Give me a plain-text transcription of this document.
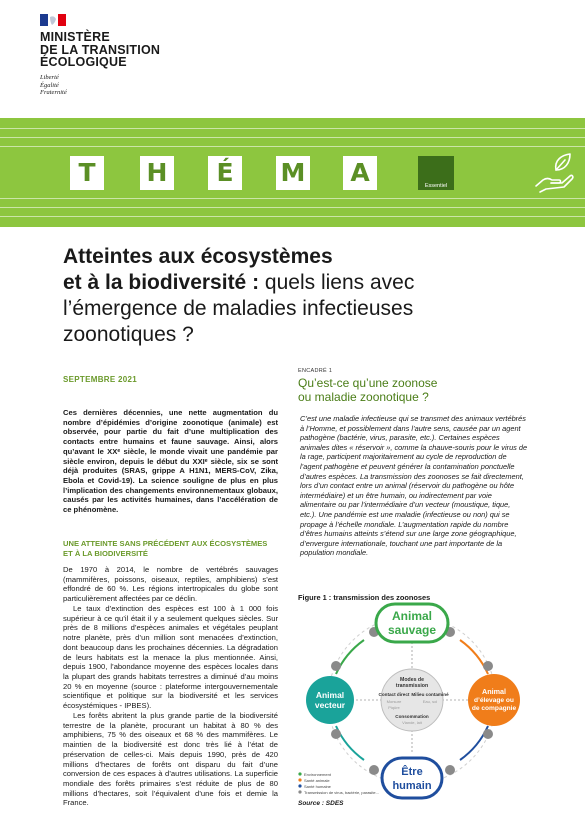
MINISTÈRE
DE LA TRANSITION
ÉCOLOGIQUE
Liberté
Égalité
Fraternité
T	H	É	M A	Essentiel
Atteintes aux écosystèmes
et à la biodiversité : quels liens avec
l’émergence de maladies infectieuses
zoonotiques ?
SEPTEMBRE 2021
Ces dernières décennies, une nette augmentation du nombre d’épidémies d’origine zoonotique (animale) est observée, pour partie du fait d’une multiplication des contacts entre humains et faune sauvage. Ainsi, alors qu’avant le XXᵉ siècle, le monde vivait une pandémie par siècle environ, depuis le début du XXIᵉ siècle, six se sont déjà produites (SRAS, grippe A H1N1, MERS-CoV, Zika, Ebola et Covid-19). La science souligne de plus en plus l’implication des changements environnementaux globaux, causés par les activités humaines, dans l’accélération de ce phénomène.
UNE ATTEINTE SANS PRÉCÉDENT AUX ÉCOSYSTÈMES ET À LA BIODIVERSITÉ
De 1970 à 2014, le nombre de vertébrés sauvages (mammifères, poissons, oiseaux, reptiles, amphibiens) s’est effondré de 60 %. Les régions intertropicales du globe sont particulièrement affectées par ce déclin.
Le taux d’extinction des espèces est 100 à 1 000 fois supérieur à ce qu’il était il y a seulement quelques siècles. Sur près de 8 millions d’espèces animales et végétales peuplant notre planète, près d’un million sont menacées d’extinction, dont beaucoup dans les prochaines décennies. La dégradation de leurs habitats est la menace la plus mentionnée. Ainsi, depuis 1900, l’abondance moyenne des espèces locales dans la plupart des grands habitats terrestres a diminué d’au moins 20 % en moyenne (source : plateforme intergouvernementale scientifique et politique sur la biodiversité et les services écosystémiques - IPBES).
Les forêts abritent la plus grande partie de la biodiversité terrestre de la planète, procurant un habitat à 80 % des amphibiens, 75 % des oiseaux et 68 % des mammifères. Le maintien de la biodiversité est donc très lié à l’état de préservation de celles-ci. Mais depuis 1990, près de 420 millions d’hectares de forêts ont disparu du fait d’une conversion de ces espaces à d’autres utilisations. La superficie mondiale des forêts primaires s’est réduite de plus de 80 millions d’hectares, soit l’équivalent d’une fois et demie la France.
ENCADRÉ 1
Qu’est-ce qu’une zoonose
ou maladie zoonotique ?
C’est une maladie infectieuse qui se transmet des animaux vertébrés à l’Homme, et possiblement dans l’autre sens, causée par un agent pathogène (bactérie, virus, parasite, etc.). Certaines espèces animales dites « réservoir », comme la chauve-souris pour le virus de la rage, participent majoritairement au cycle de reproduction de l’agent pathogène et peuvent générer la contamination ponctuelle d’autres espèces. La transmission des zoonoses se fait directement, lors d’un contact entre un animal (réservoir du pathogène ou hôte intermédiaire) et un être humain, ou indirectement par voie alimentaire ou par l’intermédiaire d’un vecteur (moustique, tique, etc.). Une pandémie est une maladie (infectieuse ou non) qui se propage à l’échelle mondiale. L’augmentation rapide du nombre d’êtres humains atteints s’étend sur une large zone géographique, d’envergure internationale, touchant une part importante de la population mondiale.
Figure 1 : transmission des zoonoses
Modes de
transmission
Contact direct Milieu contaminé
Consommation
Morsure
Piqûre
Eau, sol
Viande, lait
Animal
sauvage
Animal
vecteur
Animal
d’élevage ou
de compagnie
Être
humain
Environnement
Santé animale
Santé humaine
Transmission de virus, bactérie, parasite...
Source : SDES
